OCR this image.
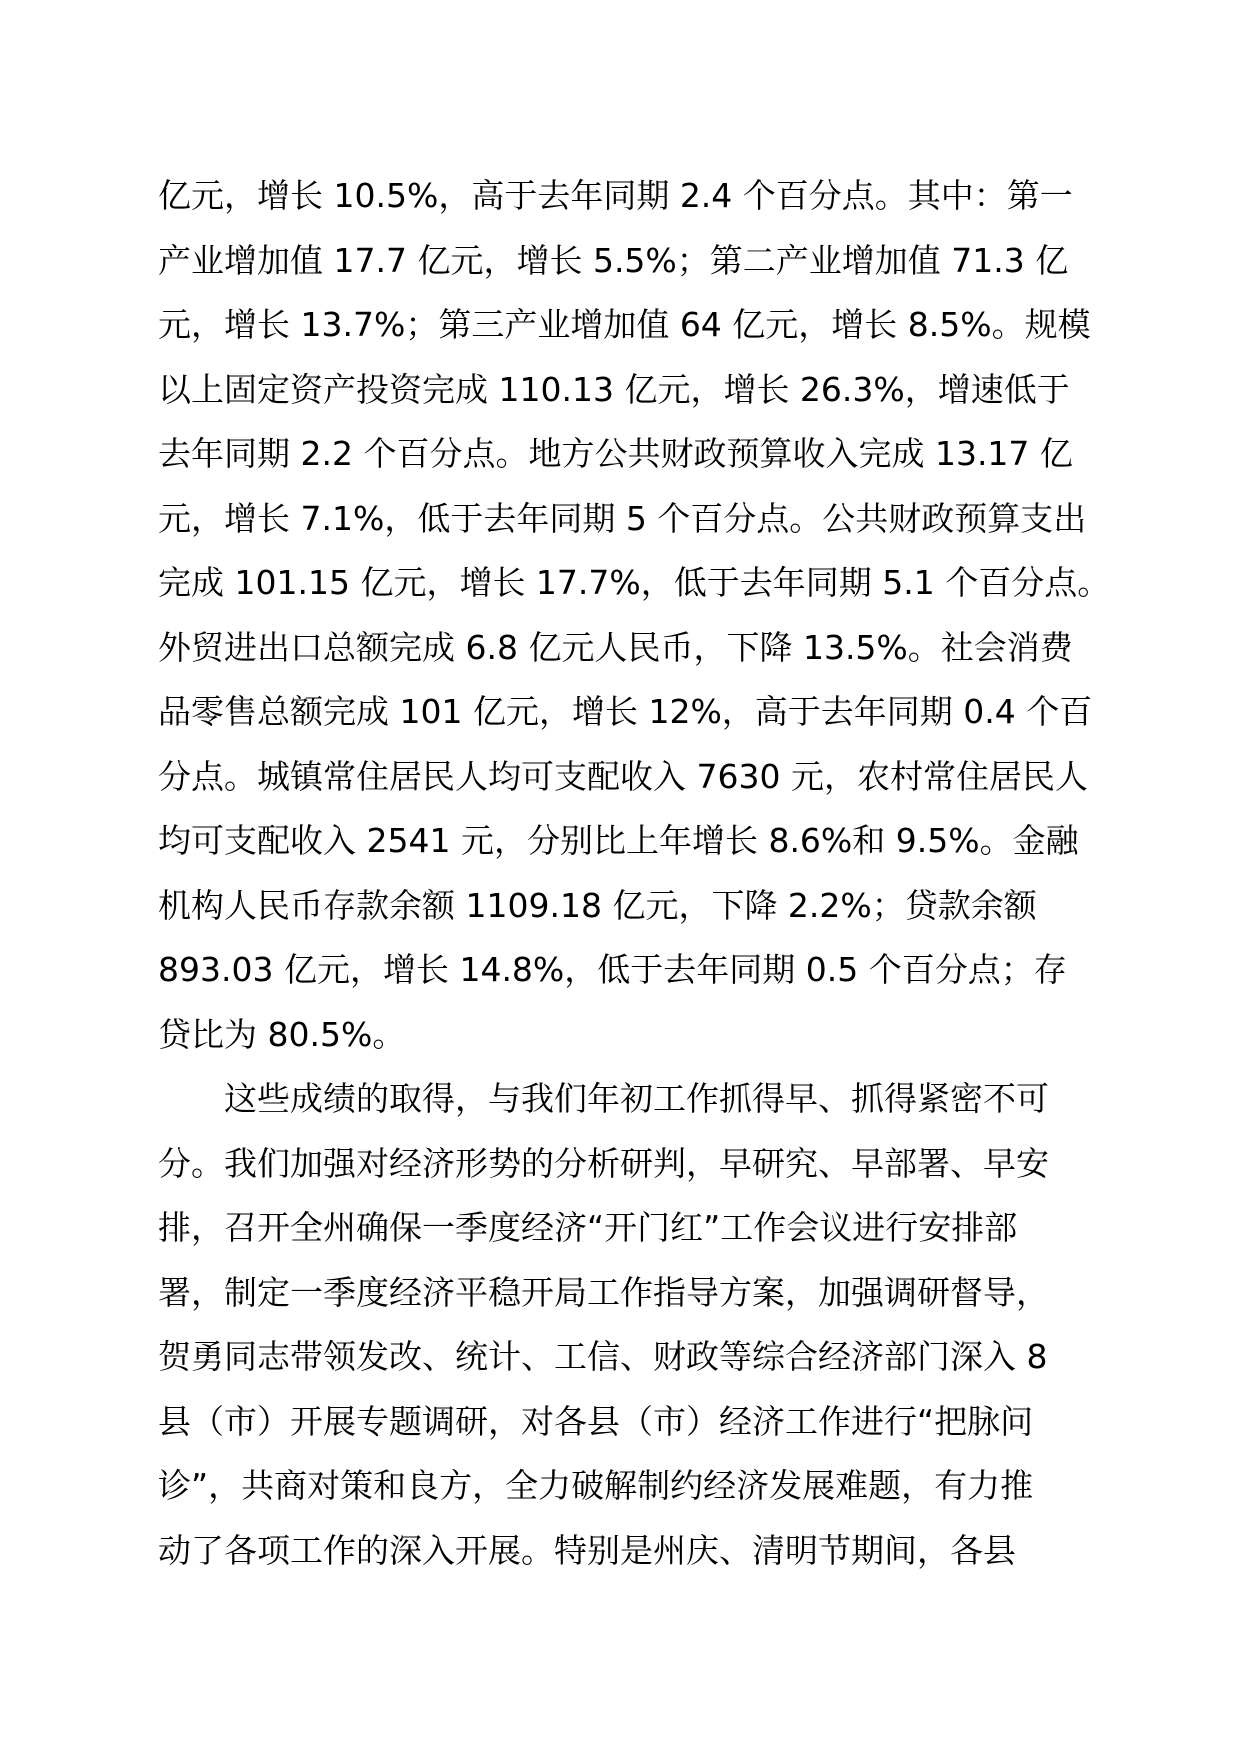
亿元，增长 10.5%，高于去年同期 2.4 个百分点。其中：第一
产业增加值 17.7 亿元，增长 5.5%；第二产业增加值 71.3 亿
元，增长 13.7%；第三产业增加值 64 亿元，增长 8.5%。规模
以上固定资产投资完成 110.13 亿元，增长 26.3%，增速低于
去年同期 2.2 个百分点。地方公共财政预算收入完成 13.17 亿
元，增长 7.1%，低于去年同期 5 个百分点。公共财政预算支出
完成 101.15 亿元，增长 17.7%，低于去年同期 5.1 个百分点。
外贸进出口总额完成 6.8 亿元人民币，下降 13.5%。社会消费
品零售总额完成 101 亿元，增长 12%，高于去年同期 0.4 个百
分点。城镇常住居民人均可支配收入 7630 元，农村常住居民人
均可支配收入 2541 元，分别比上年增长 8.6%和 9.5%。金融
机构人民币存款余额 1109.18 亿元，下降 2.2%；贷款余额
893.03 亿元，增长 14.8%，低于去年同期 0.5 个百分点；存
贷比为 80.5%。
　　这些成绩的取得，与我们年初工作抓得早、抓得紧密不可
分。我们加强对经济形势的分析研判，早研究、早部署、早安
排，召开全州确保一季度经济“开门红”工作会议进行安排部
署，制定一季度经济平稳开局工作指导方案，加强调研督导，
贺勇同志带领发改、统计、工信、财政等综合经济部门深入 8
县（市）开展专题调研，对各县（市）经济工作进行“把脉问
诊”，共商对策和良方，全力破解制约经济发展难题，有力推
动了各项工作的深入开展。特别是州庆、清明节期间，各县
